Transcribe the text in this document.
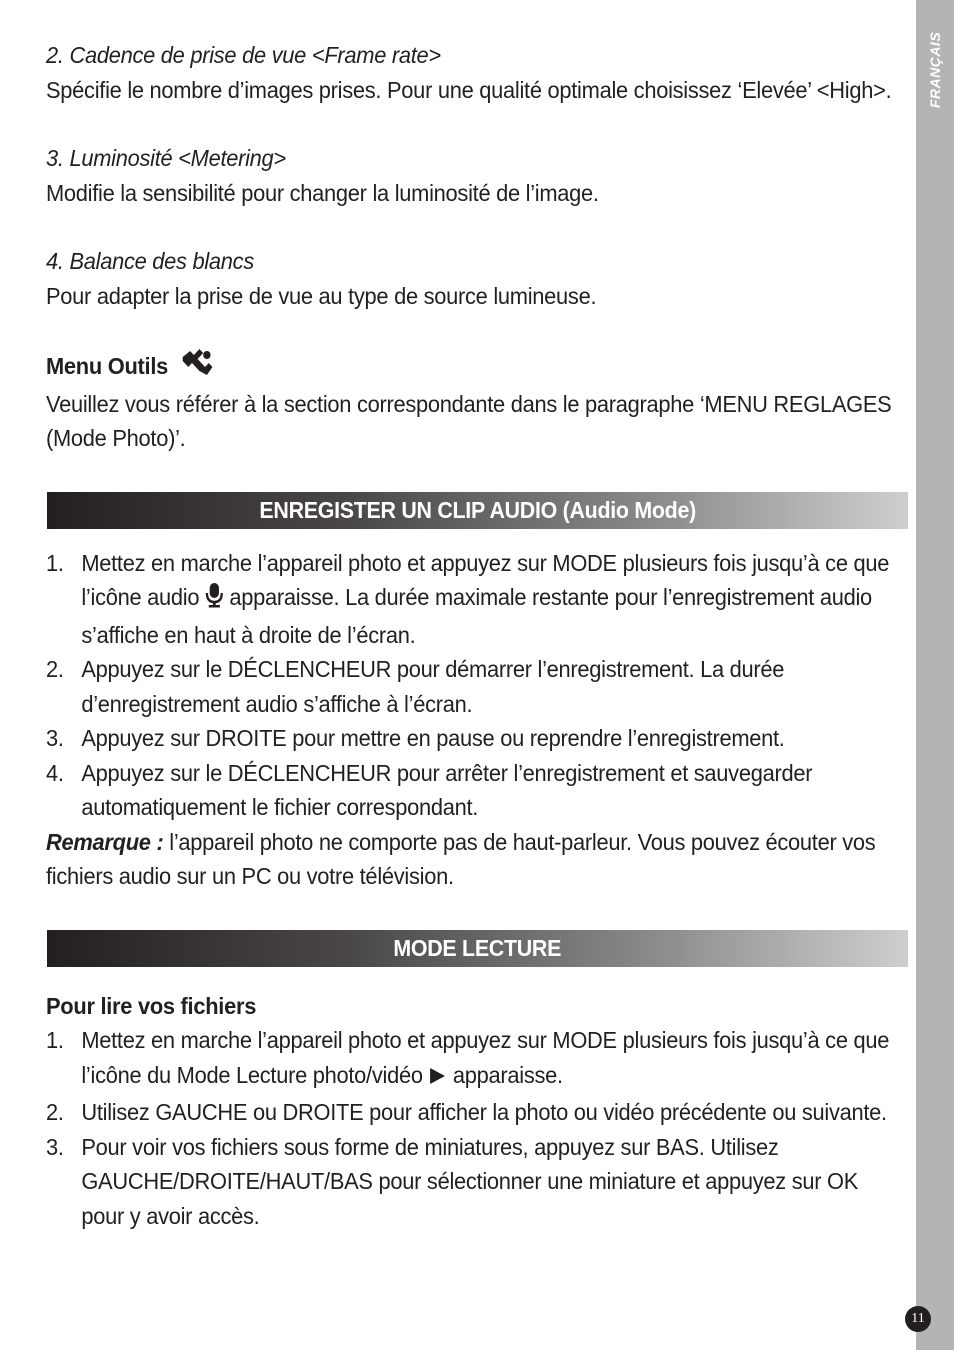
FRANÇAIS
2. Cadence de prise de vue <Frame rate>
Spécifie le nombre d’images prises. Pour une qualité optimale choisissez ‘Elevée’ <High>.
3. Luminosité <Metering>
Modifie la sensibilité pour changer la luminosité de l’image.
4. Balance des blancs
Pour adapter la prise de vue au type de source lumineuse.
Menu Outils
Veuillez vous référer à la section correspondante dans le paragraphe ‘MENU REGLAGES (Mode Photo)’.
ENREGISTER UN CLIP AUDIO (Audio Mode)
1. Mettez en marche l’appareil photo et appuyez sur MODE plusieurs fois jusqu’à ce que l’icône audio apparaisse. La durée maximale restante pour l’enregistrement audio s’affiche en haut à droite de l’écran.
2. Appuyez sur le DÉCLENCHEUR pour démarrer l’enregistrement. La durée d’enregistrement audio s’affiche à l’écran.
3. Appuyez sur DROITE pour mettre en pause ou reprendre l’enregistrement.
4. Appuyez sur le DÉCLENCHEUR pour arrêter l’enregistrement et sauvegarder automatiquement le fichier correspondant.
Remarque : l’appareil photo ne comporte pas de haut-parleur. Vous pouvez écouter vos fichiers audio sur un PC ou votre télévision.
MODE LECTURE
Pour lire vos fichiers
1. Mettez en marche l’appareil photo et appuyez sur MODE plusieurs fois jusqu’à ce que l’icône du Mode Lecture photo/vidéo apparaisse.
2. Utilisez GAUCHE ou DROITE pour afficher la photo ou vidéo précédente ou suivante.
3. Pour voir vos fichiers sous forme de miniatures, appuyez sur BAS. Utilisez GAUCHE/DROITE/HAUT/BAS pour sélectionner une miniature et appuyez sur OK pour y avoir accès.
11
